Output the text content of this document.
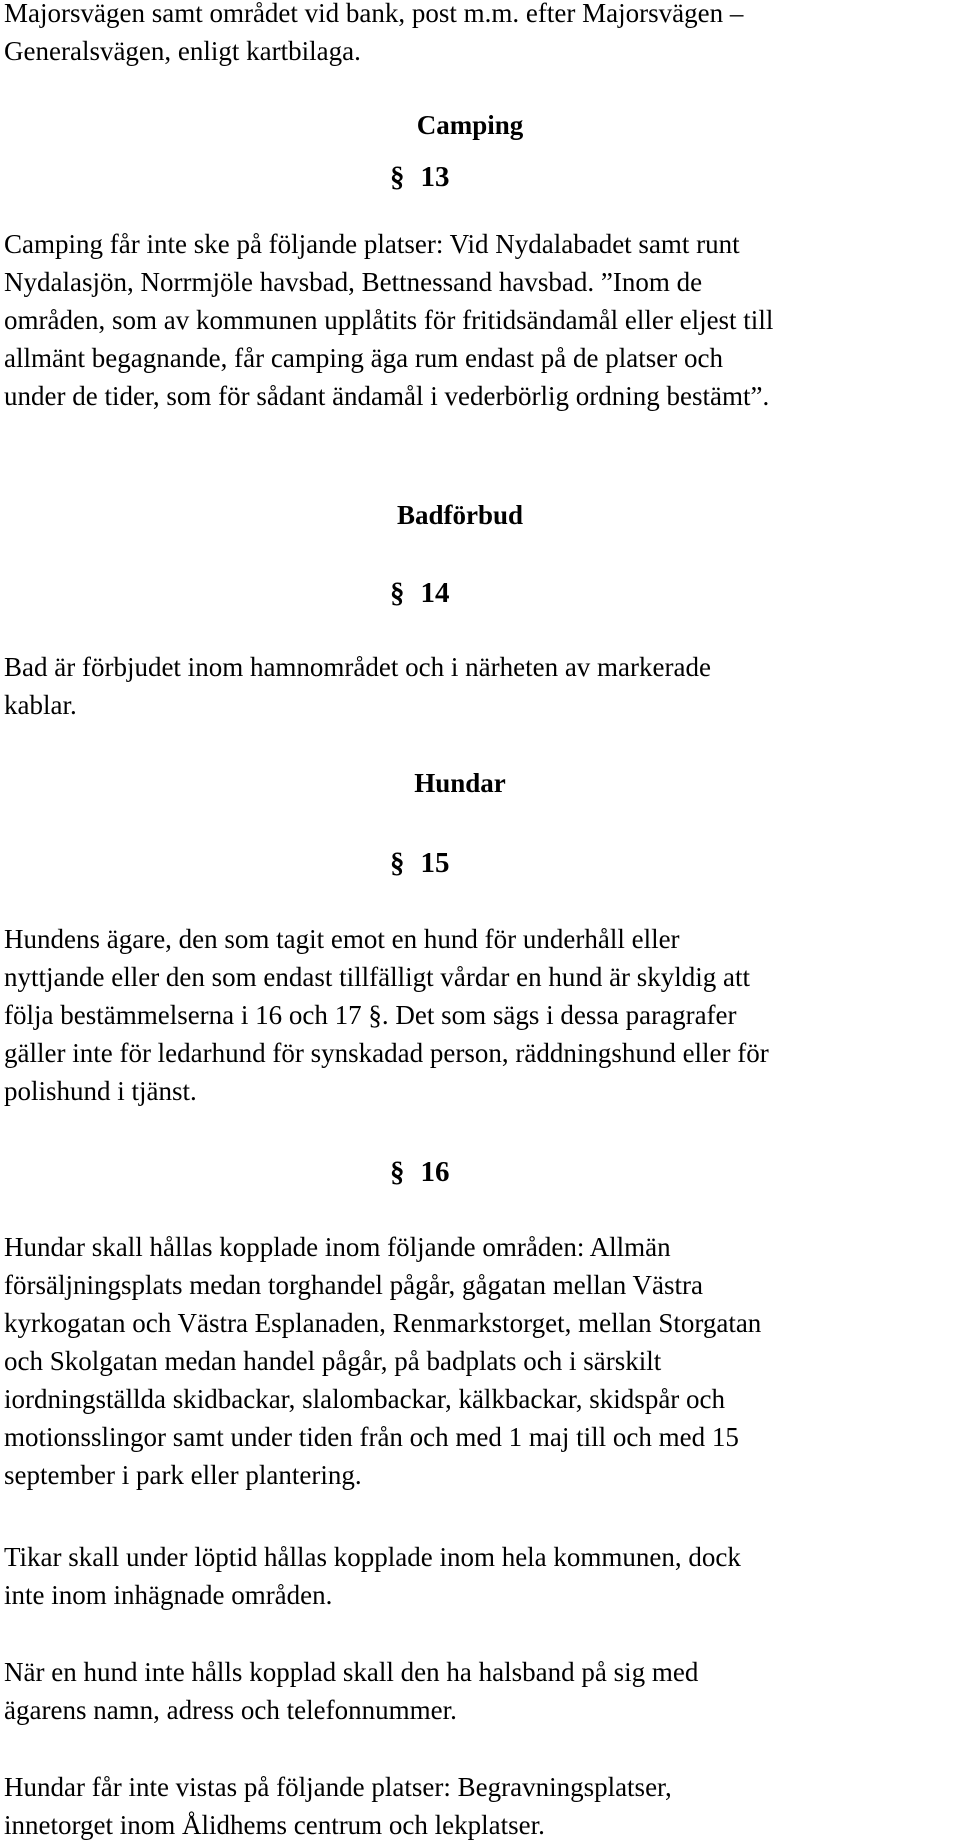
Majorsvägen samt området vid bank, post m.m. efter Majorsvägen –
Generalsvägen, enligt kartbilaga.

Camping
§ 13

Camping får inte ske på följande platser: Vid Nydalabadet samt runt
Nydalasjön, Norrmjöle havsbad, Bettnessand havsbad. ”Inom de
områden, som av kommunen upplåtits för fritidsändamål eller eljest till
allmänt begagnande, får camping äga rum endast på de platser och
under de tider, som för sådant ändamål i vederbörlig ordning bestämt”.

Badförbud
§ 14

Bad är förbjudet inom hamnområdet och i närheten av markerade
kablar.

Hundar
§ 15

Hundens ägare, den som tagit emot en hund för underhåll eller
nyttjande eller den som endast tillfälligt vårdar en hund är skyldig att
följa bestämmelserna i 16 och 17 §. Det som sägs i dessa paragrafer
gäller inte för ledarhund för synskadad person, räddningshund eller för
polishund i tjänst.

§ 16

Hundar skall hållas kopplade inom följande områden: Allmän
försäljningsplats medan torghandel pågår, gågatan mellan Västra
kyrkogatan och Västra Esplanaden, Renmarkstorget, mellan Storgatan
och Skolgatan medan handel pågår, på badplats och i särskilt
iordningställda skidbackar, slalombackar, kälkbackar, skidspår och
motionsslingor samt under tiden från och med 1 maj till och med 15
september i park eller plantering.

Tikar skall under löptid hållas kopplade inom hela kommunen, dock
inte inom inhägnade områden.

När en hund inte hålls kopplad skall den ha halsband på sig med
ägarens namn, adress och telefonnummer.

Hundar får inte vistas på följande platser: Begravningsplatser,
innetorget inom Ålidhems centrum och lekplatser.
